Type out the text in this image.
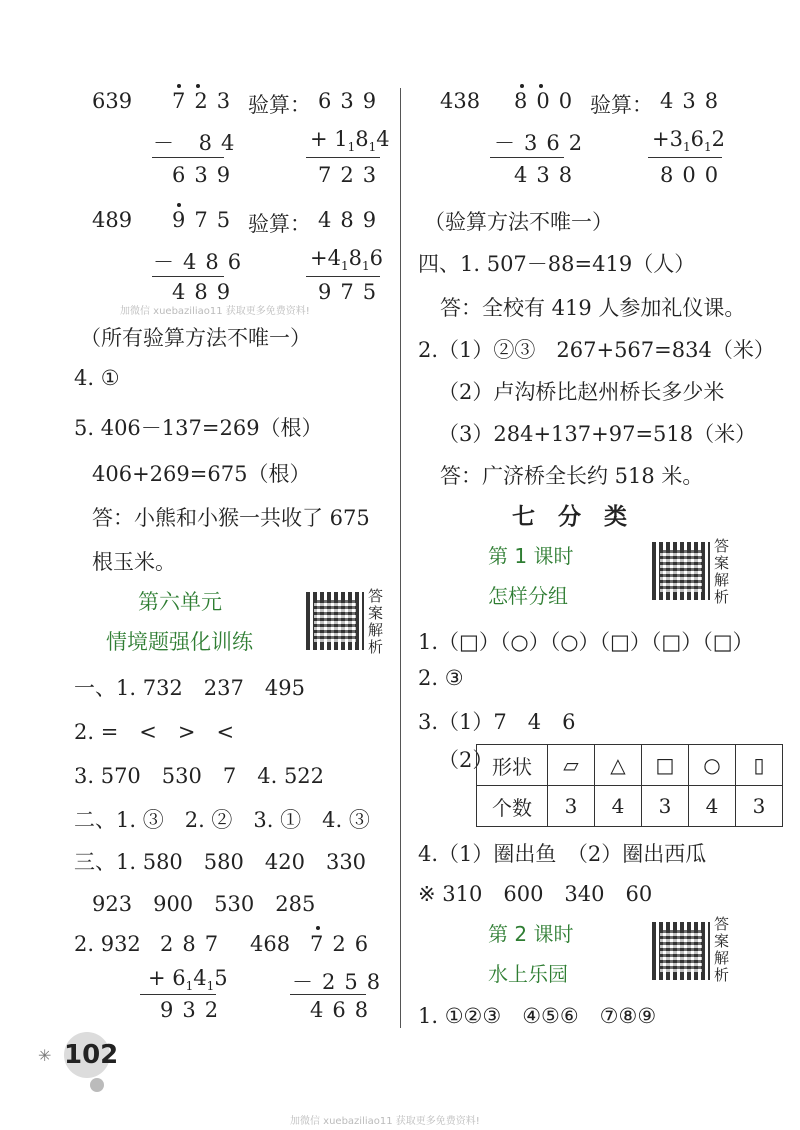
639 723
－ 84
639
验算： 639
+ $1_18_14$
723
489 975
－486
489
验算： 489
$+4_18_16$
975
加微信 xuebaziliao11 获取更多免费资料!
（所有验算方法不唯一）
4. ①
5. 406－137=269（根）
406+269=675（根）
答：小熊和小猴一共收了 675
根玉米。
第六单元
情境题强化训练
答案解析
一、1. 732　237　495
2. =　<　>　<
3. 570　530　7　4. 522
二、1. ③　2. ②　3. ①　4. ③
三、1. 580　580　420　330
923　900　530　285
2. 932 287
+ $6_14_15$
932
468 726
－258
468
✳ 102
438 800
－362
438
验算： 438
$+3_16_12$
800
（验算方法不唯一）
四、1. 507－88=419（人）
答：全校有 419 人参加礼仪课。
2.（1）②③　267+567=834（米）
（2）卢沟桥比赵州桥长多少米
（3）284+137+97=518（米）
答：广济桥全长约 518 米。
七　分　类
第 1 课时
怎样分组
答案解析
1.（□）（○）（○）（□）（□）（□）
2. ③
3.（1）7　4　6
（2）
形状	▱	△	□	○	▯
个数	3	4	3	4	3
4.（1）圈出鱼　（2）圈出西瓜
※ 310　600　340　60
第 2 课时
水上乐园
答案解析
1. ①②③　④⑤⑥　⑦⑧⑨
加微信 xuebaziliao11 获取更多免费资料!
